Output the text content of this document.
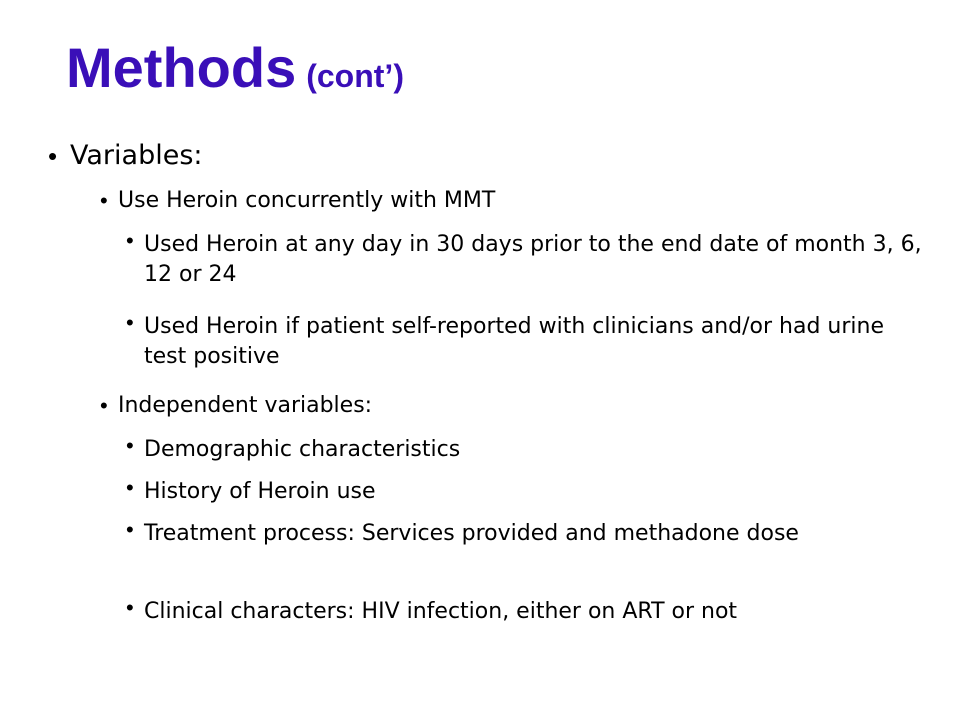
Methods (cont’)
• Variables:
• Use Heroin concurrently with MMT
• Used Heroin at any day in 30 days prior to the end date of month 3, 6, 12 or 24
• Used Heroin if patient self-reported with clinicians and/or had urine test positive
• Independent variables:
• Demographic characteristics
• History of Heroin use
• Treatment process: Services provided and methadone dose
• Clinical characters: HIV infection, either on ART or not
